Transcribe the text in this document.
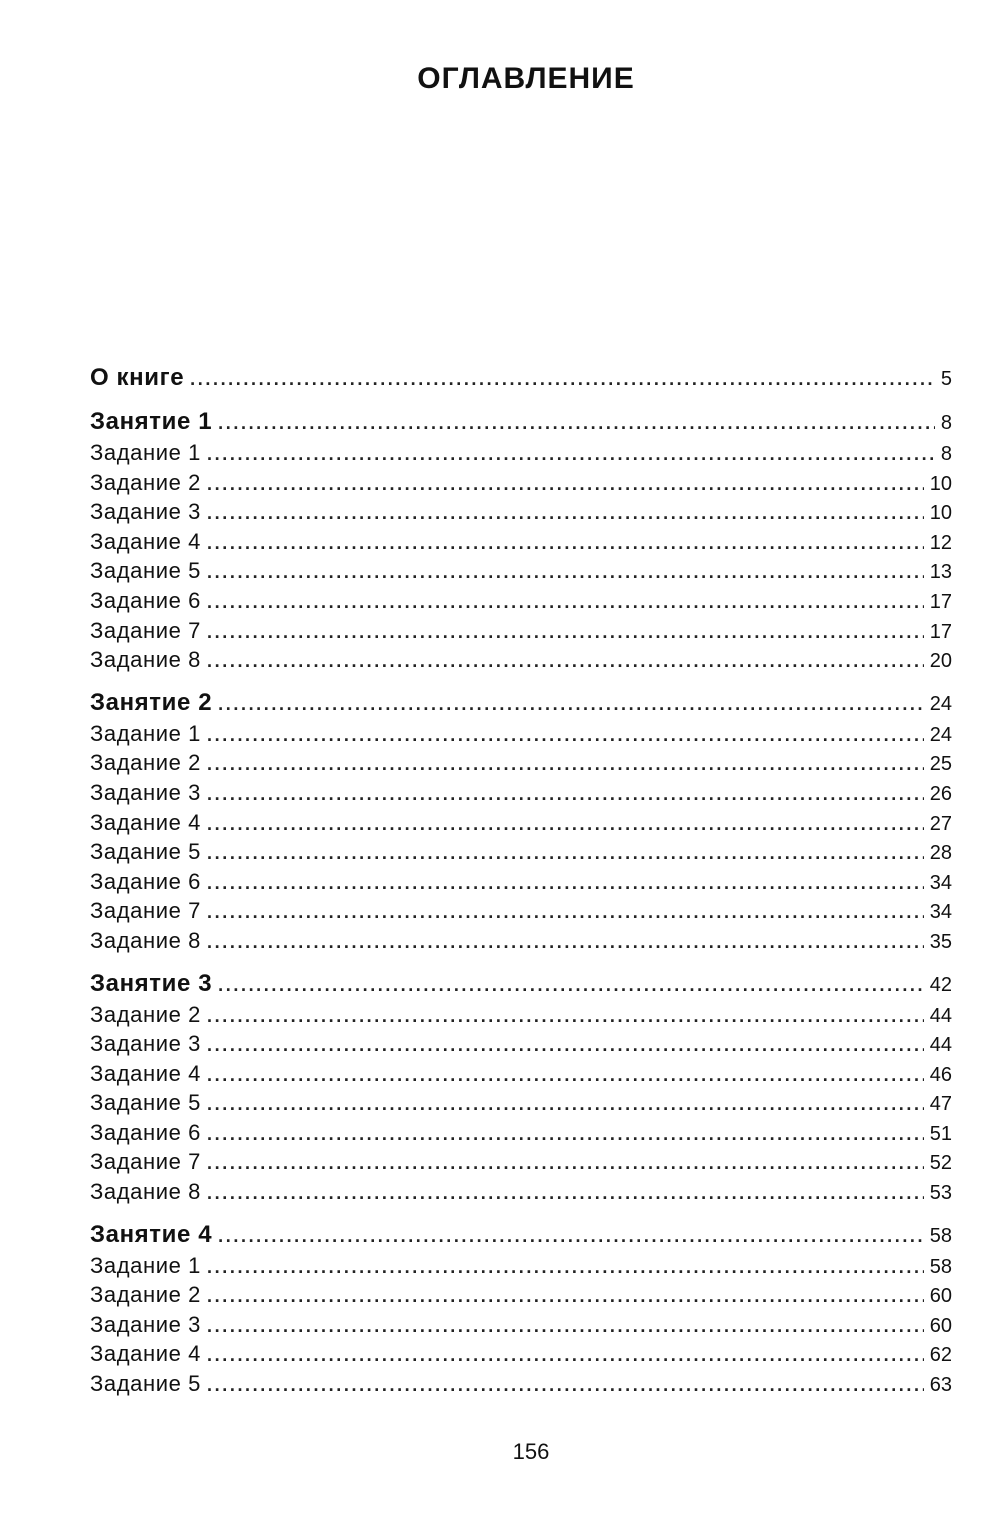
ОГЛАВЛЕНИЕ
О книге . . .	5
Занятие 1 . . .	8
Задание 1 . . .	8
Задание 2 . . .	10
Задание 3 . . .	10
Задание 4 . . .	12
Задание 5 . . .	13
Задание 6 . . .	17
Задание 7 . . .	17
Задание 8 . . .	20
Занятие 2 . . .	24
Задание 1 . . .	24
Задание 2 . . .	25
Задание 3 . . .	26
Задание 4 . . .	27
Задание 5 . . .	28
Задание 6 . . .	34
Задание 7 . . .	34
Задание 8 . . .	35
Занятие 3 . . .	42
Задание 2 . . .	44
Задание 3 . . .	44
Задание 4 . . .	46
Задание 5 . . .	47
Задание 6 . . .	51
Задание 7 . . .	52
Задание 8 . . .	53
Занятие 4 . . .	58
Задание 1 . . .	58
Задание 2 . . .	60
Задание 3 . . .	60
Задание 4 . . .	62
Задание 5 . . .	63
156
